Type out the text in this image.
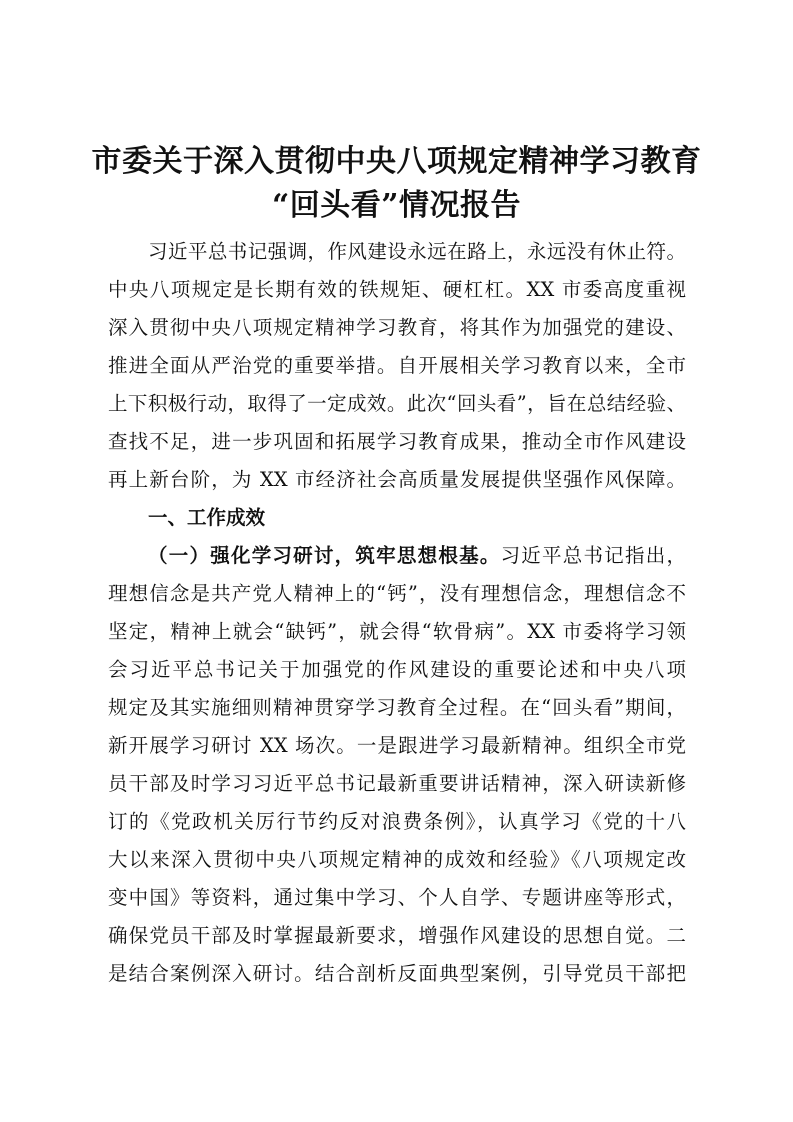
市委关于深入贯彻中央八项规定精神学习教育
“回头看”情况报告
习近平总书记强调，作风建设永远在路上，永远没有休止符。
中央八项规定是长期有效的铁规矩、硬杠杠。XX 市委高度重视
深入贯彻中央八项规定精神学习教育，将其作为加强党的建设、
推进全面从严治党的重要举措。自开展相关学习教育以来，全市
上下积极行动，取得了一定成效。此次“回头看”，旨在总结经验、
查找不足，进一步巩固和拓展学习教育成果，推动全市作风建设
再上新台阶，为 XX 市经济社会高质量发展提供坚强作风保障。
一、工作成效
（一）强化学习研讨，筑牢思想根基。习近平总书记指出，
理想信念是共产党人精神上的“钙”，没有理想信念，理想信念不
坚定，精神上就会“缺钙”，就会得“软骨病”。XX 市委将学习领
会习近平总书记关于加强党的作风建设的重要论述和中央八项
规定及其实施细则精神贯穿学习教育全过程。在“回头看”期间，
新开展学习研讨 XX 场次。一是跟进学习最新精神。组织全市党
员干部及时学习习近平总书记最新重要讲话精神，深入研读新修
订的《党政机关厉行节约反对浪费条例》，认真学习《党的十八
大以来深入贯彻中央八项规定精神的成效和经验》《八项规定改
变中国》等资料，通过集中学习、个人自学、专题讲座等形式，
确保党员干部及时掌握最新要求，增强作风建设的思想自觉。二
是结合案例深入研讨。结合剖析反面典型案例，引导党员干部把
